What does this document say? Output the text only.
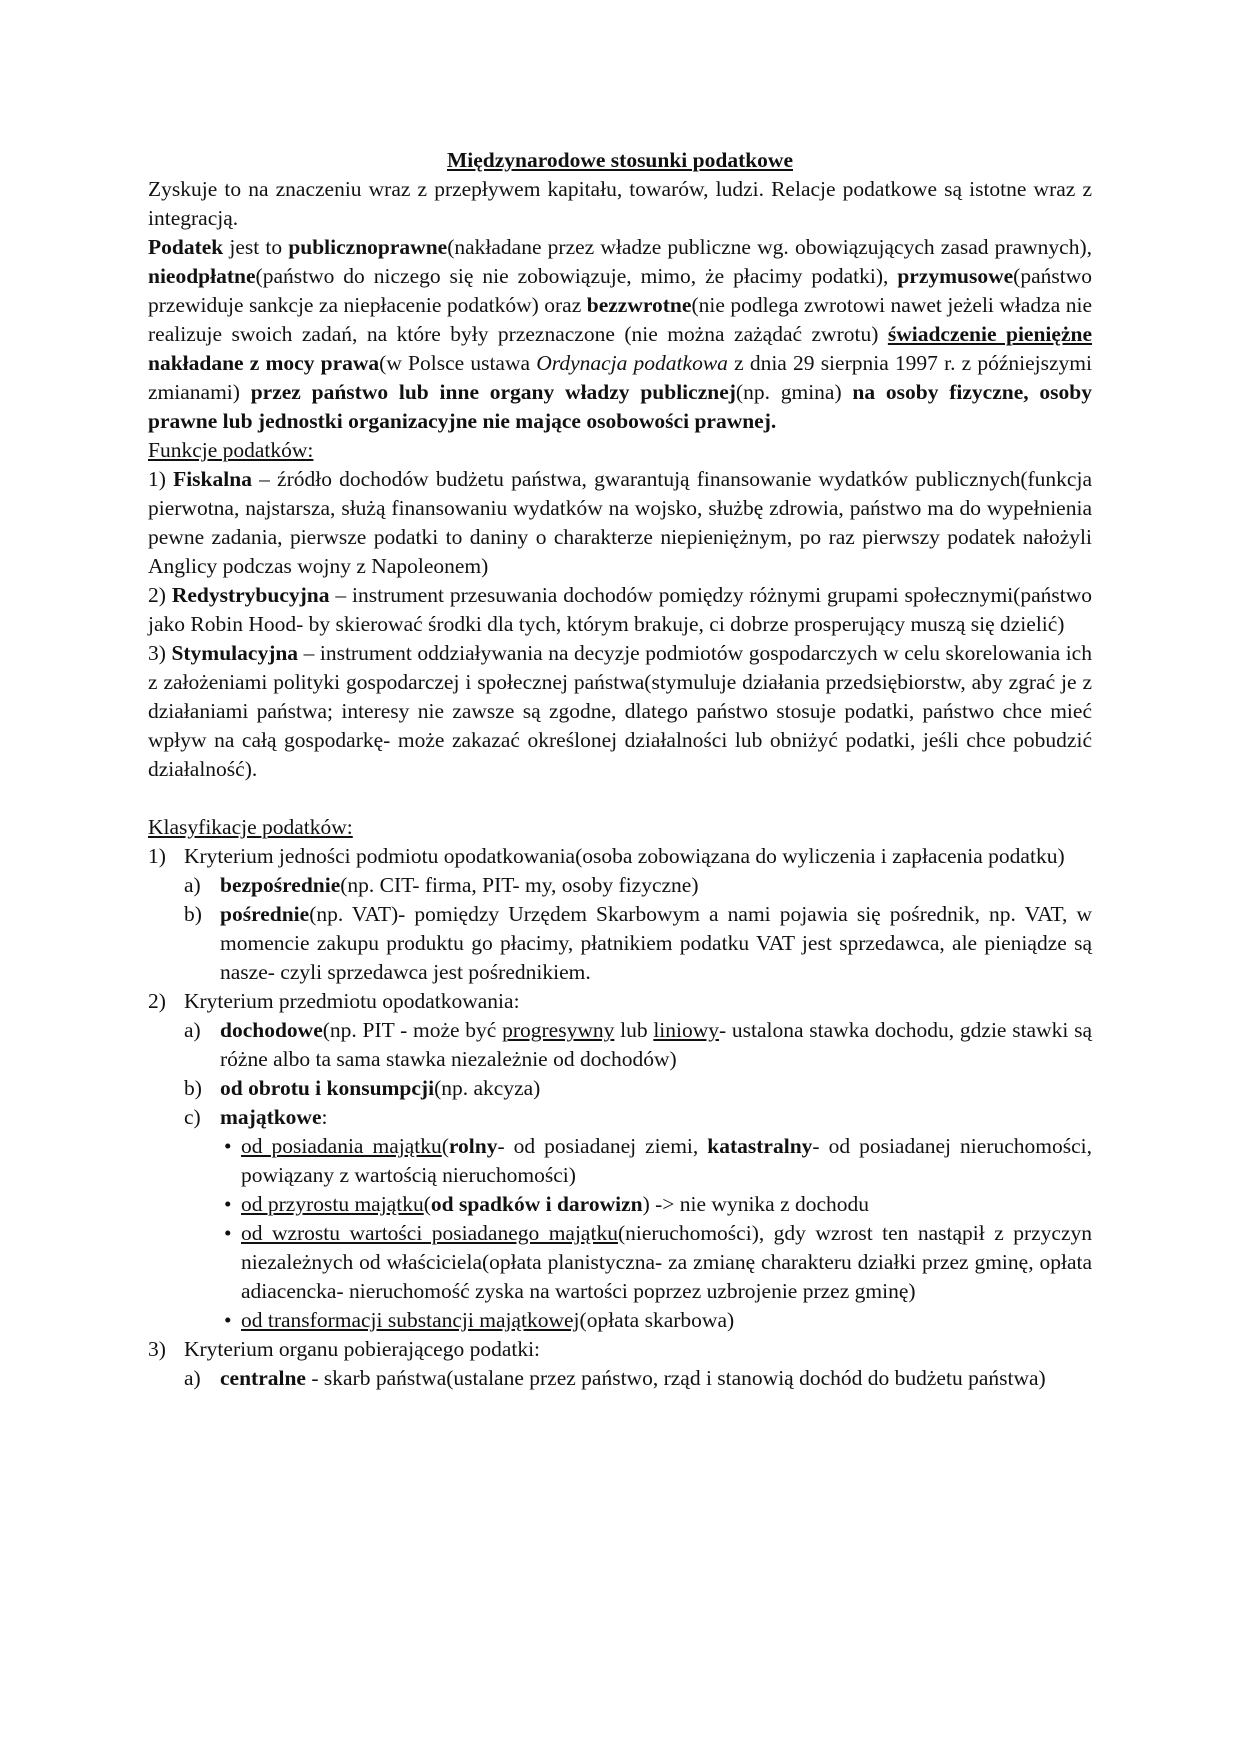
Międzynarodowe stosunki podatkowe
Zyskuje to na znaczeniu wraz z przepływem kapitału, towarów, ludzi. Relacje podatkowe są istotne wraz z integracją.
Podatek jest to publicznoprawne(nakładane przez władze publiczne wg. obowiązujących zasad prawnych), nieodpłatne(państwo do niczego się nie zobowiązuje, mimo, że płacimy podatki), przymusowe(państwo przewiduje sankcje za niepłacenie podatków) oraz bezzwrotne(nie podlega zwrotowi nawet jeżeli władza nie realizuje swoich zadań, na które były przeznaczone (nie można zażądać zwrotu) świadczenie pieniężne nakładane z mocy prawa(w Polsce ustawa Ordynacja podatkowa z dnia 29 sierpnia 1997 r. z późniejszymi zmianami) przez państwo lub inne organy władzy publicznej(np. gmina) na osoby fizyczne, osoby prawne lub jednostki organizacyjne nie mające osobowości prawnej.
Funkcje podatków:
1) Fiskalna – źródło dochodów budżetu państwa, gwarantują finansowanie wydatków publicznych(funkcja pierwotna, najstarsza, służą finansowaniu wydatków na wojsko, służbę zdrowia, państwo ma do wypełnienia pewne zadania, pierwsze podatki to daniny o charakterze niepieniężnym, po raz pierwszy podatek nałożyli Anglicy podczas wojny z Napoleonem)
2) Redystrybucyjna – instrument przesuwania dochodów pomiędzy różnymi grupami społecznymi(państwo jako Robin Hood- by skierować środki dla tych, którym brakuje, ci dobrze prosperujący muszą się dzielić)
3) Stymulacyjna – instrument oddziaływania na decyzje podmiotów gospodarczych w celu skorelowania ich z założeniami polityki gospodarczej i społecznej państwa(stymuluje działania przedsiębiorstw, aby zgrać je z działaniami państwa; interesy nie zawsze są zgodne, dlatego państwo stosuje podatki, państwo chce mieć wpływ na całą gospodarkę- może zakazać określonej działalności lub obniżyć podatki, jeśli chce pobudzić działalność).
Klasyfikacje podatków:
1) Kryterium jedności podmiotu opodatkowania(osoba zobowiązana do wyliczenia i zapłacenia podatku)
a) bezpośrednie(np. CIT- firma, PIT- my, osoby fizyczne)
b) pośrednie(np. VAT)- pomiędzy Urzędem Skarbowym a nami pojawia się pośrednik, np. VAT, w momencie zakupu produktu go płacimy, płatnikiem podatku VAT jest sprzedawca, ale pieniądze są nasze- czyli sprzedawca jest pośrednikiem.
2) Kryterium przedmiotu opodatkowania:
a) dochodowe(np. PIT - może być progresywny lub liniowy- ustalona stawka dochodu, gdzie stawki są różne albo ta sama stawka niezależnie od dochodów)
b) od obrotu i konsumpcji(np. akcyza)
c) majątkowe:
• od posiadania majątku(rolny- od posiadanej ziemi, katastralny- od posiadanej nieruchomości, powiązany z wartością nieruchomości)
• od przyrostu majątku(od spadków i darowizn) -> nie wynika z dochodu
• od wzrostu wartości posiadanego majątku(nieruchomości), gdy wzrost ten nastąpił z przyczyn niezależnych od właściciela(opłata planistyczna- za zmianę charakteru działki przez gminę, opłata adiacencka- nieruchomość zyska na wartości poprzez uzbrojenie przez gminę)
• od transformacji substancji majątkowej(opłata skarbowa)
3) Kryterium organu pobierającego podatki:
a) centralne - skarb państwa(ustalane przez państwo, rząd i stanowią dochód do budżetu państwa)
